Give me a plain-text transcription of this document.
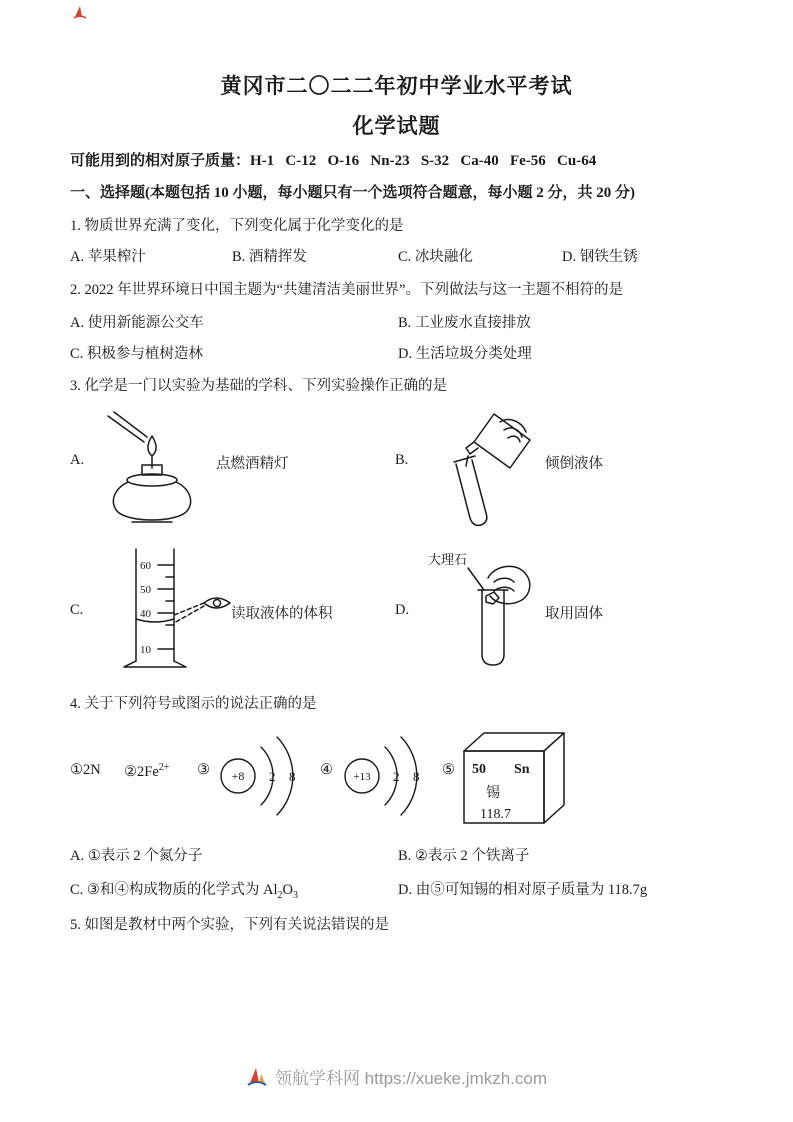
黄冈市二〇二二年初中学业水平考试
化学试题
可能用到的相对原子质量：H-1   C-12   O-16   Nn-23   S-32   Ca-40   Fe-56   Cu-64
一、选择题(本题包括 10 小题，每小题只有一个选项符合题意，每小题 2 分，共 20 分)
1. 物质世界充满了变化，下列变化属于化学变化的是
A. 苹果榨汁	B. 酒精挥发	C. 冰块融化	D. 钢铁生锈
2. 2022 年世界环境日中国主题为“共建清洁美丽世界”。下列做法与这一主题不相符的是
A. 使用新能源公交车	B. 工业废水直接排放
C. 积极参与植树造林	D. 生活垃圾分类处理
3. 化学是一门以实验为基础的学科、下列实验操作正确的是
A.	点燃酒精灯	B.	倾倒液体
C.
60
50
40
10
读取液体的体积	D.
大理石
取用固体
4. 关于下列符号或图示的说法正确的是
①2N $②2Fe^{2+}$ ③ +8 2 8 ④ +13 2 8 ⑤ 50 Sn
锡
118.7
A. ①表示 2 个氮分子	B. ②表示 2 个铁离子
C. ③和④构成物质的化学式为 $Al_2O_3$	D. 由⑤可知锡的相对原子质量为 118.7g
5. 如图是教材中两个实验，下列有关说法错误的是
领航学科网 https://xueke.jmkzh.com
